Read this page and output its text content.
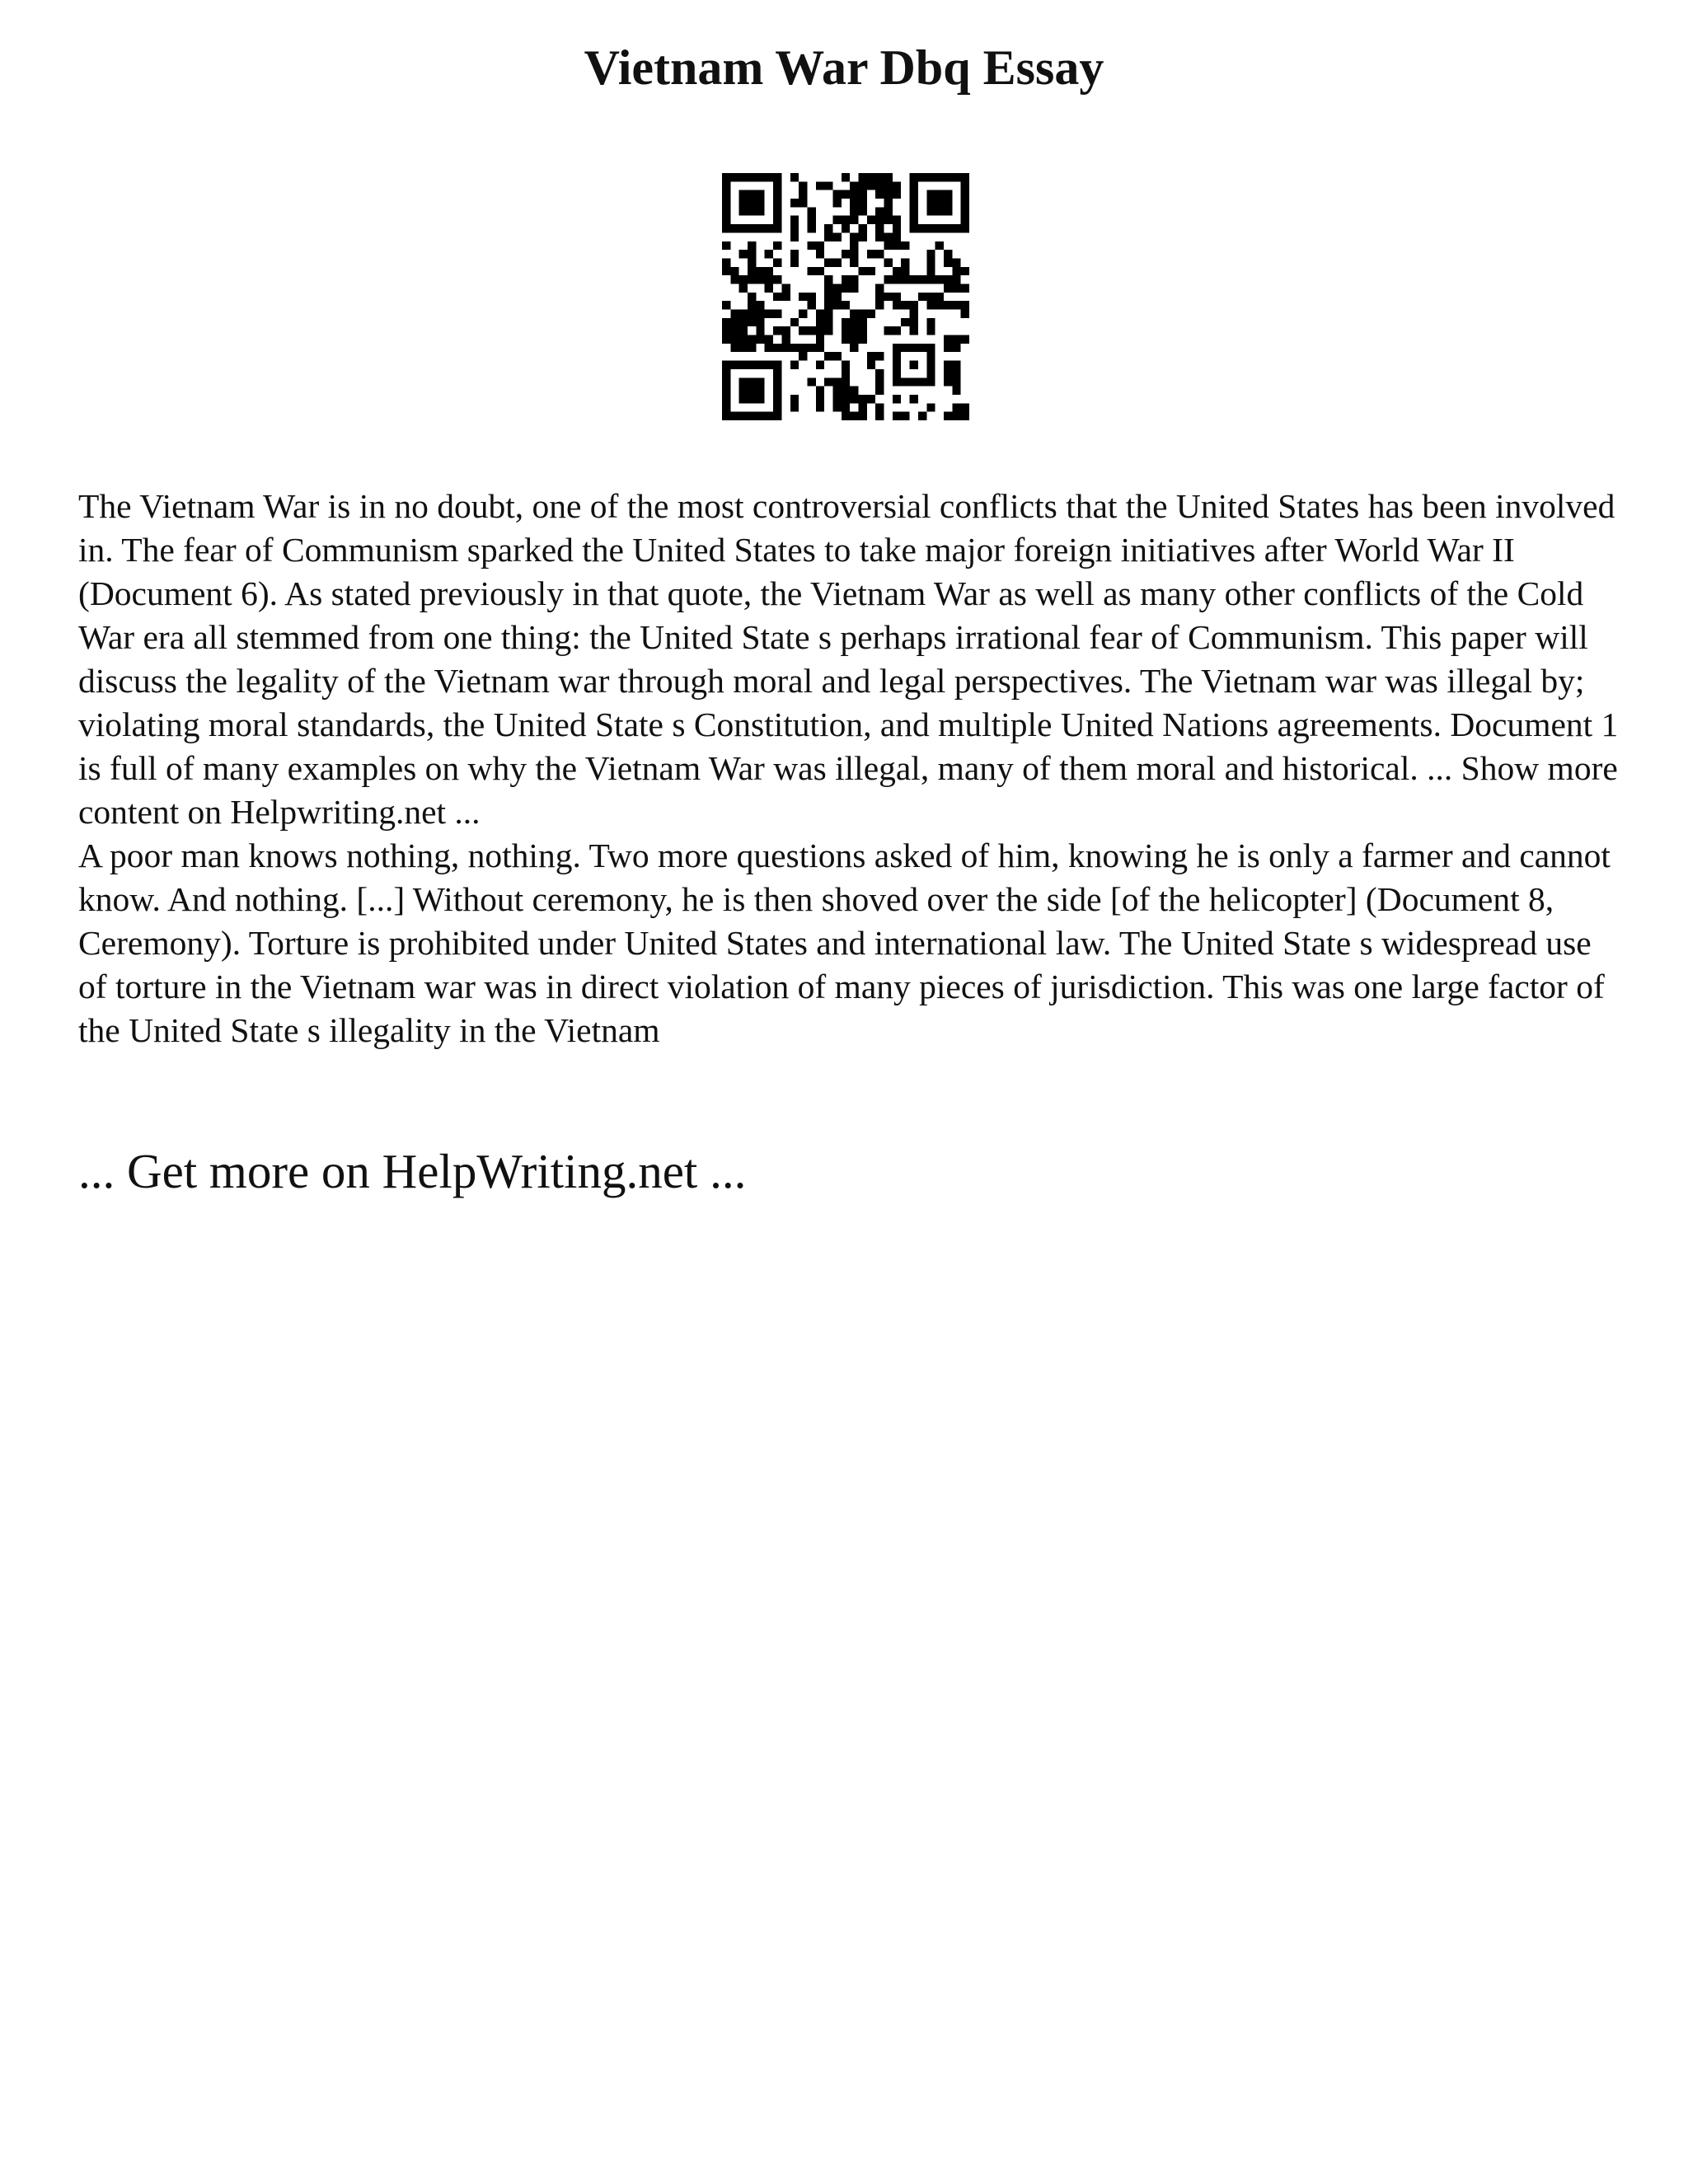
Vietnam War Dbq Essay

The Vietnam War is in no doubt, one of the most controversial conflicts that the United States has been involved in. The fear of Communism sparked the United States to take major foreign initiatives after World War II (Document 6). As stated previously in that quote, the Vietnam War as well as many other conflicts of the Cold War era all stemmed from one thing: the United State s perhaps irrational fear of Communism. This paper will discuss the legality of the Vietnam war through moral and legal perspectives. The Vietnam war was illegal by; violating moral standards, the United State s Constitution, and multiple United Nations agreements. Document 1 is full of many examples on why the Vietnam War was illegal, many of them moral and historical. ... Show more content on Helpwriting.net ...

A poor man knows nothing, nothing. Two more questions asked of him, knowing he is only a farmer and cannot know. And nothing. [...] Without ceremony, he is then shoved over the side [of the helicopter] (Document 8, Ceremony). Torture is prohibited under United States and international law. The United State s widespread use of torture in the Vietnam war was in direct violation of many pieces of jurisdiction. This was one large factor of the United State s illegality in the Vietnam

... Get more on HelpWriting.net ...
